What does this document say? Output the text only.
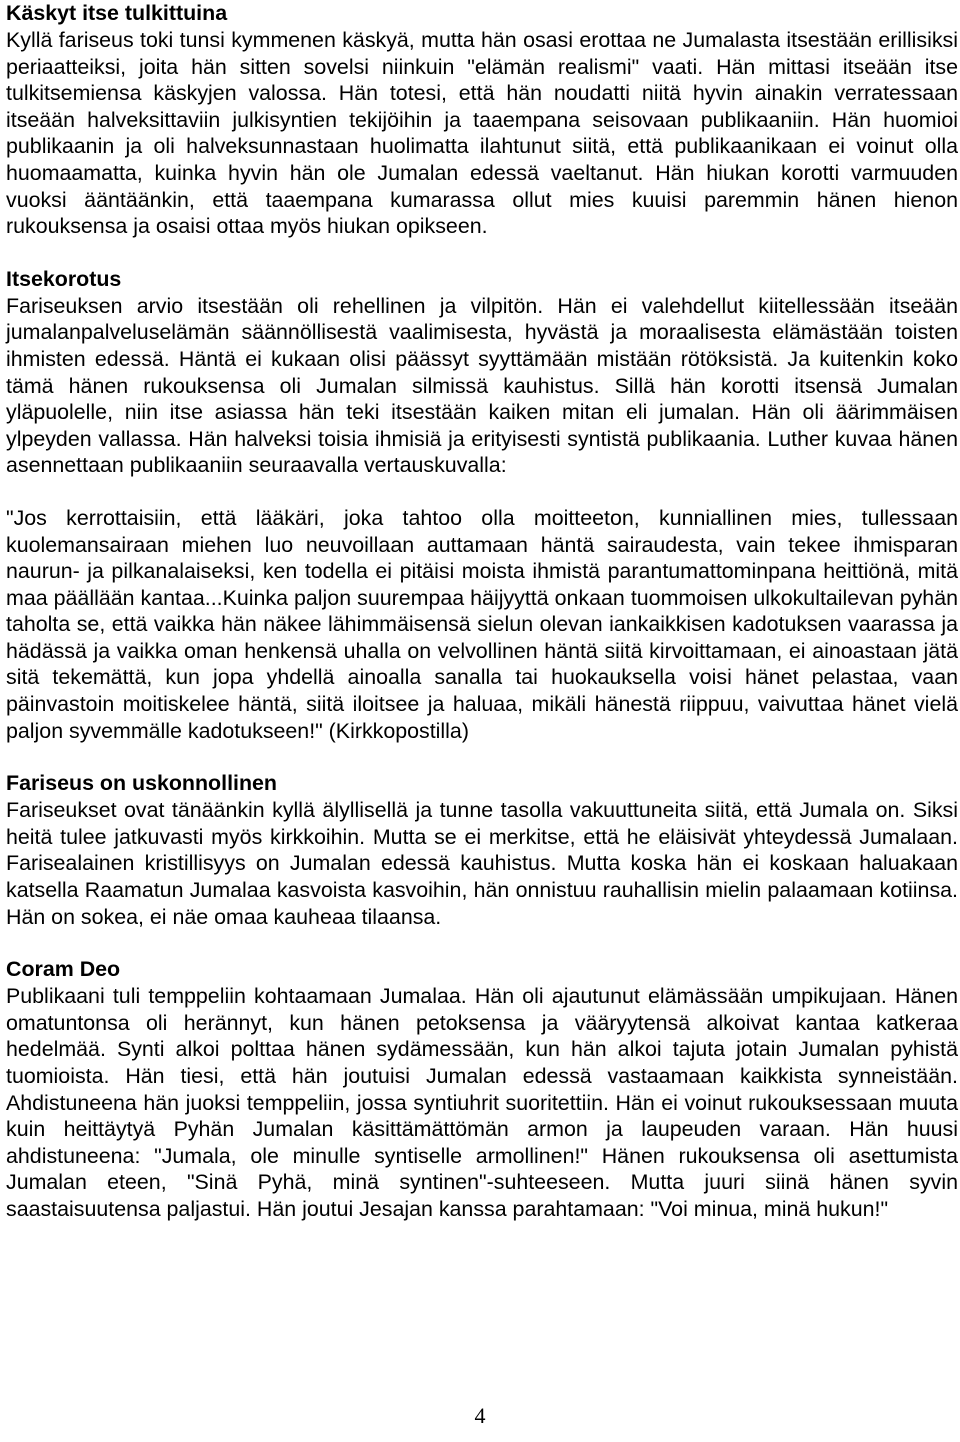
Käskyt itse tulkittuina

Kyllä fariseus toki tunsi kymmenen käskyä, mutta hän osasi erottaa ne Jumalasta itsestään erillisiksi periaatteiksi, joita hän sitten sovelsi niinkuin "elämän realismi" vaati. Hän mittasi itseään itse tulkitsemiensa käskyjen valossa. Hän totesi, että hän noudatti niitä hyvin ainakin verratessaan itseään halveksittaviin julkisyntien tekijöihin ja taaempana seisovaan publikaaniin. Hän huomioi publikaanin ja oli halveksunnastaan huolimatta ilahtunut siitä, että publikaanikaan ei voinut olla huomaamatta, kuinka hyvin hän ole Jumalan edessä vaeltanut. Hän hiukan korotti varmuuden vuoksi ääntäänkin, että taaempana kumarassa ollut mies kuuisi paremmin hänen hienon rukouksensa ja osaisi ottaa myös hiukan opikseen.

Itsekorotus

Fariseuksen arvio itsestään oli rehellinen ja vilpitön. Hän ei valehdellut kiitellessään itseään jumalanpalveluselämän säännöllisestä vaalimisesta, hyvästä ja moraalisesta elämästään toisten ihmisten edessä. Häntä ei kukaan olisi päässyt syyttämään mistään rötöksistä. Ja kuitenkin koko tämä hänen rukouksensa oli Jumalan silmissä kauhistus. Sillä hän korotti itsensä Jumalan yläpuolelle, niin itse asiassa hän teki itsestään kaiken mitan eli jumalan. Hän oli äärimmäisen ylpeyden vallassa. Hän halveksi toisia ihmisiä ja erityisesti syntistä publikaania. Luther kuvaa hänen asennettaan publikaaniin seuraavalla vertauskuvalla:

"Jos kerrottaisiin, että lääkäri, joka tahtoo olla moitteeton, kunniallinen mies, tullessaan kuolemansairaan miehen luo neuvoillaan auttamaan häntä sairaudesta, vain tekee ihmisparan naurun- ja pilkanalaiseksi, ken todella ei pitäisi moista ihmistä parantumattominpana heittiönä, mitä maa päällään kantaa...Kuinka paljon suurempaa häijyyttä onkaan tuommoisen ulkokultailevan pyhän taholta se, että vaikka hän näkee lähimmäisensä sielun olevan iankaikkisen kadotuksen vaarassa ja hädässä ja vaikka oman henkensä uhalla on velvollinen häntä siitä kirvoittamaan, ei ainoastaan jätä sitä tekemättä, kun jopa yhdellä ainoalla sanalla tai huokauksella voisi hänet pelastaa, vaan päinvastoin moitiskelee häntä, siitä iloitsee ja haluaa, mikäli hänestä riippuu, vaivuttaa hänet vielä paljon syvemmälle kadotukseen!" (Kirkkopostilla)

Fariseus on uskonnollinen

Fariseukset ovat tänäänkin kyllä älyllisellä ja tunne tasolla vakuuttuneita siitä, että Jumala on. Siksi heitä tulee jatkuvasti myös kirkkoihin. Mutta se ei merkitse, että he eläisivät yhteydessä Jumalaan. Farisealainen kristillisyys on Jumalan edessä kauhistus. Mutta koska hän ei koskaan haluakaan katsella Raamatun Jumalaa kasvoista kasvoihin, hän onnistuu rauhallisin mielin palaamaan kotiinsa. Hän on sokea, ei näe omaa kauheaa tilaansa.

Coram Deo

Publikaani tuli temppeliin kohtaamaan Jumalaa. Hän oli ajautunut elämässään umpikujaan. Hänen omatuntonsa oli herännyt, kun hänen petoksensa ja vääryytensä alkoivat kantaa katkeraa hedelmää. Synti alkoi polttaa hänen sydämessään, kun hän alkoi tajuta jotain Jumalan pyhistä tuomioista. Hän tiesi, että hän joutuisi Jumalan edessä vastaamaan kaikkista synneistään. Ahdistuneena hän juoksi temppeliin, jossa syntiuhrit suoritettiin. Hän ei voinut rukouksessaan muuta kuin heittäytyä Pyhän Jumalan käsittämättömän armon ja laupeuden varaan. Hän huusi ahdistuneena: "Jumala, ole minulle syntiselle armollinen!" Hänen rukouksensa oli asettumista Jumalan eteen, "Sinä Pyhä, minä syntinen"-suhteeseen. Mutta juuri siinä hänen syvin saastaisuutensa paljastui. Hän joutui Jesajan kanssa parahtamaan: "Voi minua, minä hukun!"

4
